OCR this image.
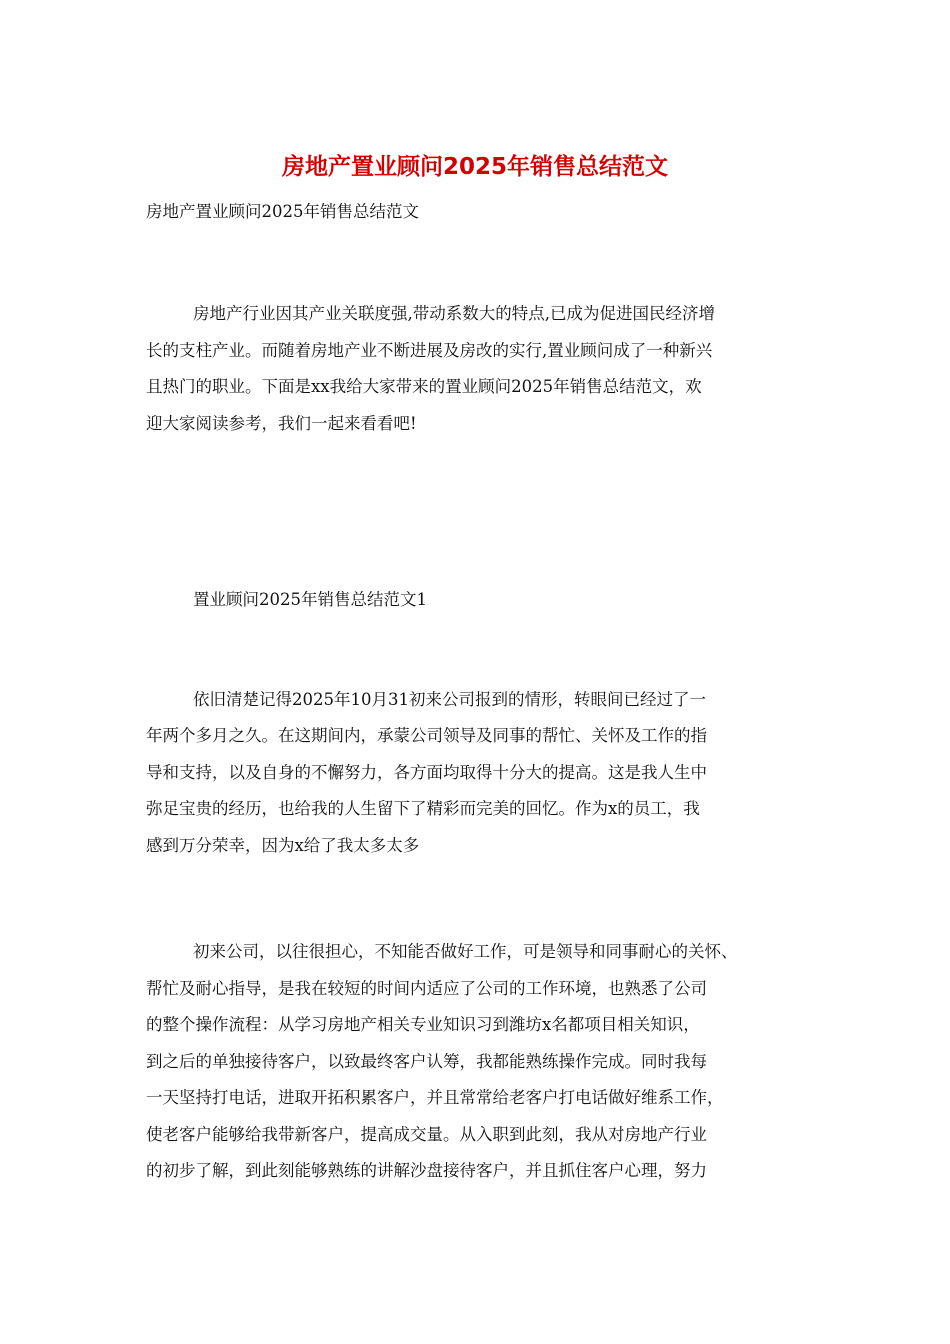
房地产置业顾问2025年销售总结范文

房地产置业顾问2025年销售总结范文

房地产行业因其产业关联度强,带动系数大的特点,已成为促进国民经济增

长的支柱产业。而随着房地产业不断进展及房改的实行,置业顾问成了一种新兴

且热门的职业。下面是xx我给大家带来的置业顾问2025年销售总结范文，欢

迎大家阅读参考，我们一起来看看吧!

置业顾问2025年销售总结范文1

依旧清楚记得2025年10月31初来公司报到的情形，转眼间已经过了一

年两个多月之久。在这期间内，承蒙公司领导及同事的帮忙、关怀及工作的指

导和支持，以及自身的不懈努力，各方面均取得十分大的提高。这是我人生中

弥足宝贵的经历，也给我的人生留下了精彩而完美的回忆。作为x的员工，我

感到万分荣幸，因为x给了我太多太多

初来公司，以往很担心，不知能否做好工作，可是领导和同事耐心的关怀、

帮忙及耐心指导，是我在较短的时间内适应了公司的工作环境，也熟悉了公司

的整个操作流程：从学习房地产相关专业知识习到潍坊x名都项目相关知识，

到之后的单独接待客户，以致最终客户认筹，我都能熟练操作完成。同时我每

一天坚持打电话，进取开拓积累客户，并且常常给老客户打电话做好维系工作，

使老客户能够给我带新客户，提高成交量。从入职到此刻，我从对房地产行业

的初步了解，到此刻能够熟练的讲解沙盘接待客户，并且抓住客户心理，努力
